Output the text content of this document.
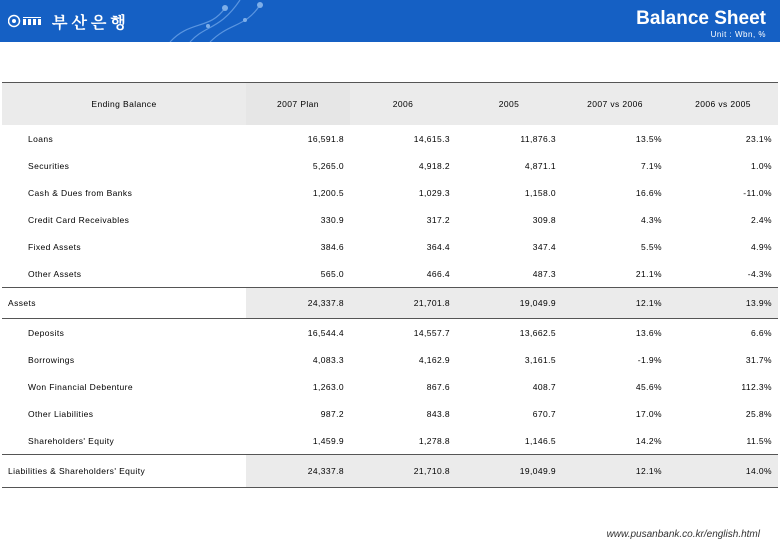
부산은행	Balance Sheet
Unit : Wbn, %
Ending Balance	2007 Plan	2006	2005	2007 vs 2006	2006 vs 2005
Loans	16,591.8	14,615.3	11,876.3	13.5%	23.1%
Securities	5,265.0	4,918.2	4,871.1	7.1%	1.0%
Cash & Dues from Banks	1,200.5	1,029.3	1,158.0	16.6%	-11.0%
Credit Card Receivables	330.9	317.2	309.8	4.3%	2.4%
Fixed Assets	384.6	364.4	347.4	5.5%	4.9%
Other Assets	565.0	466.4	487.3	21.1%	-4.3%
Assets	24,337.8	21,701.8	19,049.9	12.1%	13.9%
Deposits	16,544.4	14,557.7	13,662.5	13.6%	6.6%
Borrowings	4,083.3	4,162.9	3,161.5	-1.9%	31.7%
Won Financial Debenture	1,263.0	867.6	408.7	45.6%	112.3%
Other Liabilities	987.2	843.8	670.7	17.0%	25.8%
Shareholders' Equity	1,459.9	1,278.8	1,146.5	14.2%	11.5%
Liabilities & Shareholders' Equity	24,337.8	21,710.8	19,049.9	12.1%	14.0%
www.pusanbank.co.kr/english.html
